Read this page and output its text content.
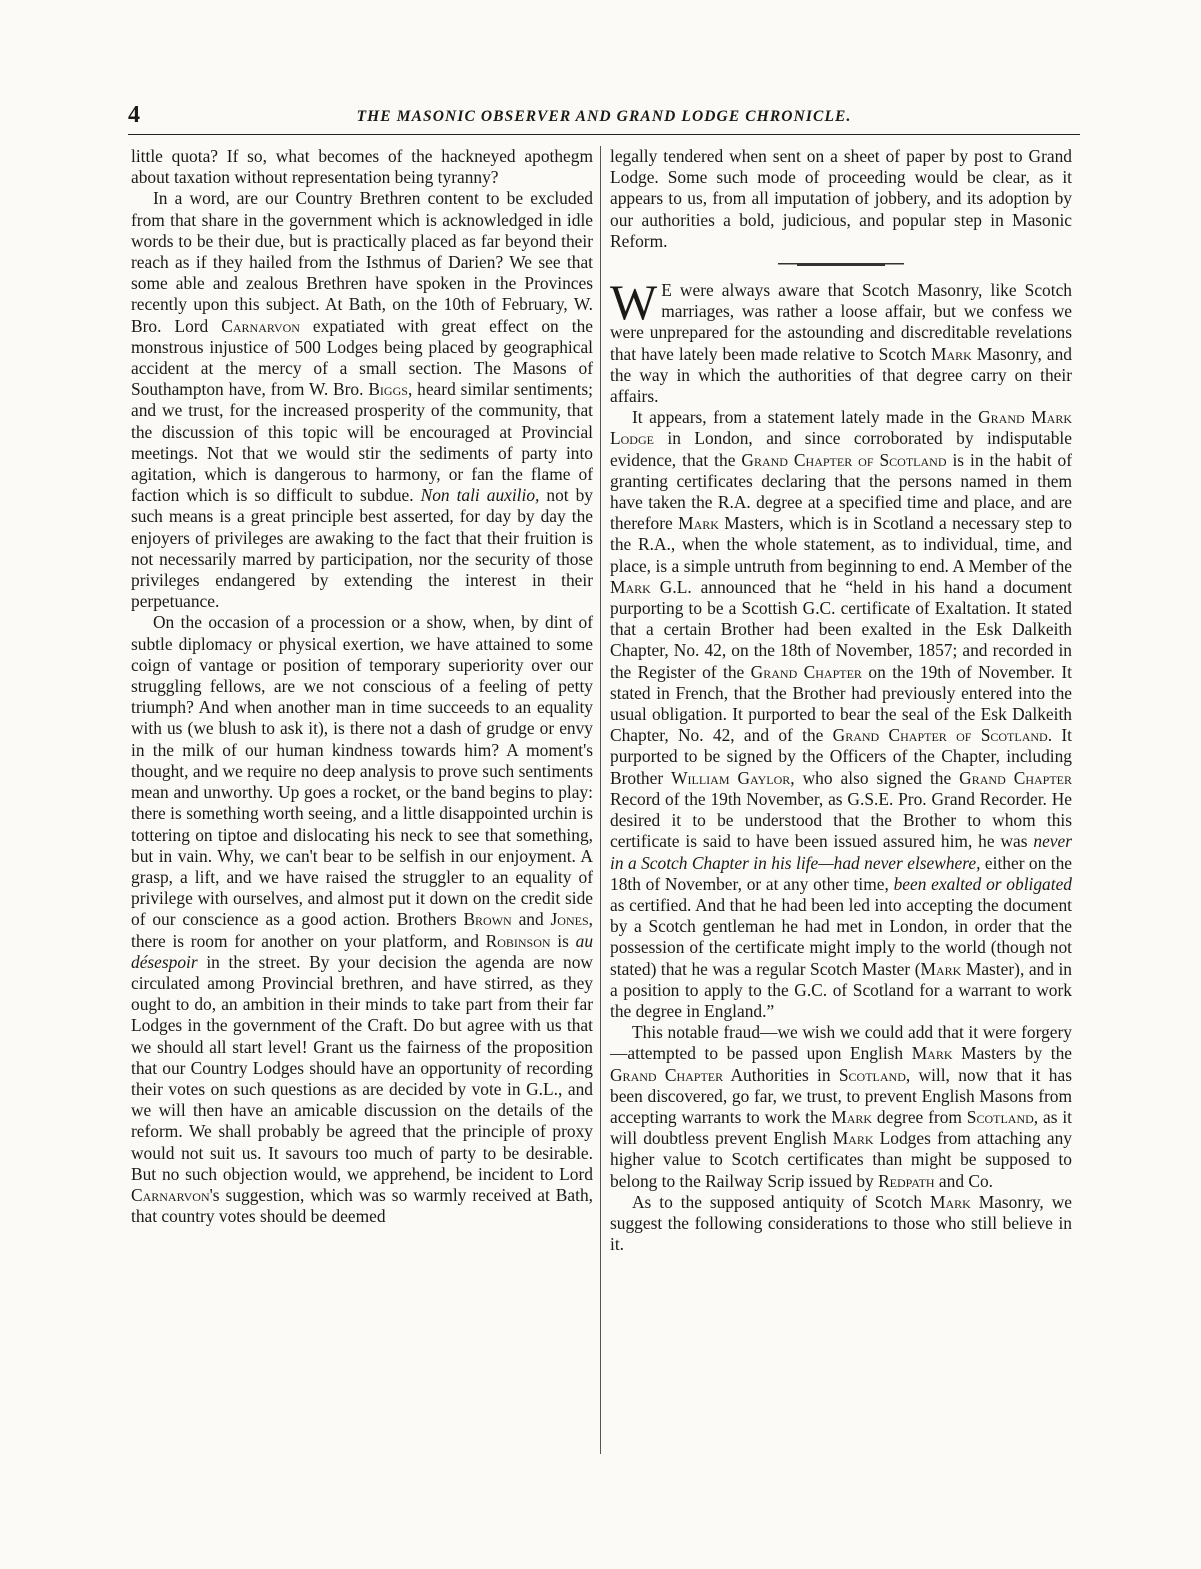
4	THE MASONIC OBSERVER AND GRAND LODGE CHRONICLE.

little quota? If so, what becomes of the hackneyed apothegm about taxation without representation being tyranny?

In a word, are our Country Brethren content to be excluded from that share in the government which is acknowledged in idle words to be their due, but is practically placed as far beyond their reach as if they hailed from the Isthmus of Darien? We see that some able and zealous Brethren have spoken in the Provinces recently upon this subject. At Bath, on the 10th of February, W. Bro. Lord Carnarvon expatiated with great effect on the monstrous injustice of 500 Lodges being placed by geographical accident at the mercy of a small section. The Masons of Southampton have, from W. Bro. Biggs, heard similar sentiments; and we trust, for the increased prosperity of the community, that the discussion of this topic will be encouraged at Provincial meetings. Not that we would stir the sediments of party into agitation, which is dangerous to harmony, or fan the flame of faction which is so difficult to subdue. Non tali auxilio, not by such means is a great principle best asserted, for day by day the enjoyers of privileges are awaking to the fact that their fruition is not necessarily marred by participation, nor the security of those privileges endangered by extending the interest in their perpetuance.

On the occasion of a procession or a show, when, by dint of subtle diplomacy or physical exertion, we have attained to some coign of vantage or position of temporary superiority over our struggling fellows, are we not conscious of a feeling of petty triumph? And when another man in time succeeds to an equality with us (we blush to ask it), is there not a dash of grudge or envy in the milk of our human kindness towards him? A moment's thought, and we require no deep analysis to prove such sentiments mean and unworthy. Up goes a rocket, or the band begins to play: there is something worth seeing, and a little disappointed urchin is tottering on tiptoe and dislocating his neck to see that something, but in vain. Why, we can't bear to be selfish in our enjoyment. A grasp, a lift, and we have raised the struggler to an equality of privilege with ourselves, and almost put it down on the credit side of our conscience as a good action. Brothers Brown and Jones, there is room for another on your platform, and Robinson is au désespoir in the street. By your decision the agenda are now circulated among Provincial brethren, and have stirred, as they ought to do, an ambition in their minds to take part from their far Lodges in the government of the Craft. Do but agree with us that we should all start level! Grant us the fairness of the proposition that our Country Lodges should have an opportunity of recording their votes on such questions as are decided by vote in G.L., and we will then have an amicable discussion on the details of the reform. We shall probably be agreed that the principle of proxy would not suit us. It savours too much of party to be desirable. But no such objection would, we apprehend, be incident to Lord Carnarvon's suggestion, which was so warmly received at Bath, that country votes should be deemed

legally tendered when sent on a sheet of paper by post to Grand Lodge. Some such mode of proceeding would be clear, as it appears to us, from all imputation of jobbery, and its adoption by our authorities a bold, judicious, and popular step in Masonic Reform.

W E were always aware that Scotch Masonry, like Scotch marriages, was rather a loose affair, but we confess we were unprepared for the astounding and discreditable revelations that have lately been made relative to Scotch Mark Masonry, and the way in which the authorities of that degree carry on their affairs.

It appears, from a statement lately made in the Grand Mark Lodge in London, and since corroborated by indisputable evidence, that the Grand Chapter of Scotland is in the habit of granting certificates declaring that the persons named in them have taken the R.A. degree at a specified time and place, and are therefore Mark Masters, which is in Scotland a necessary step to the R.A., when the whole statement, as to individual, time, and place, is a simple untruth from beginning to end. A Member of the Mark G.L. announced that he “held in his hand a document purporting to be a Scottish G.C. certificate of Exaltation. It stated that a certain Brother had been exalted in the Esk Dalkeith Chapter, No. 42, on the 18th of November, 1857; and recorded in the Register of the Grand Chapter on the 19th of November. It stated in French, that the Brother had previously entered into the usual obligation. It purported to bear the seal of the Esk Dalkeith Chapter, No. 42, and of the Grand Chapter of Scotland. It purported to be signed by the Officers of the Chapter, including Brother William Gaylor, who also signed the Grand Chapter Record of the 19th November, as G.S.E. Pro. Grand Recorder. He desired it to be understood that the Brother to whom this certificate is said to have been issued assured him, he was never in a Scotch Chapter in his life—had never elsewhere, either on the 18th of November, or at any other time, been exalted or obligated as certified. And that he had been led into accepting the document by a Scotch gentleman he had met in London, in order that the possession of the certificate might imply to the world (though not stated) that he was a regular Scotch Master (Mark Master), and in a position to apply to the G.C. of Scotland for a warrant to work the degree in England.”

This notable fraud—we wish we could add that it were forgery—attempted to be passed upon English Mark Masters by the Grand Chapter Authorities in Scotland, will, now that it has been discovered, go far, we trust, to prevent English Masons from accepting warrants to work the Mark degree from Scotland, as it will doubtless prevent English Mark Lodges from attaching any higher value to Scotch certificates than might be supposed to belong to the Railway Scrip issued by Redpath and Co.

As to the supposed antiquity of Scotch Mark Masonry, we suggest the following considerations to those who still believe in it.
